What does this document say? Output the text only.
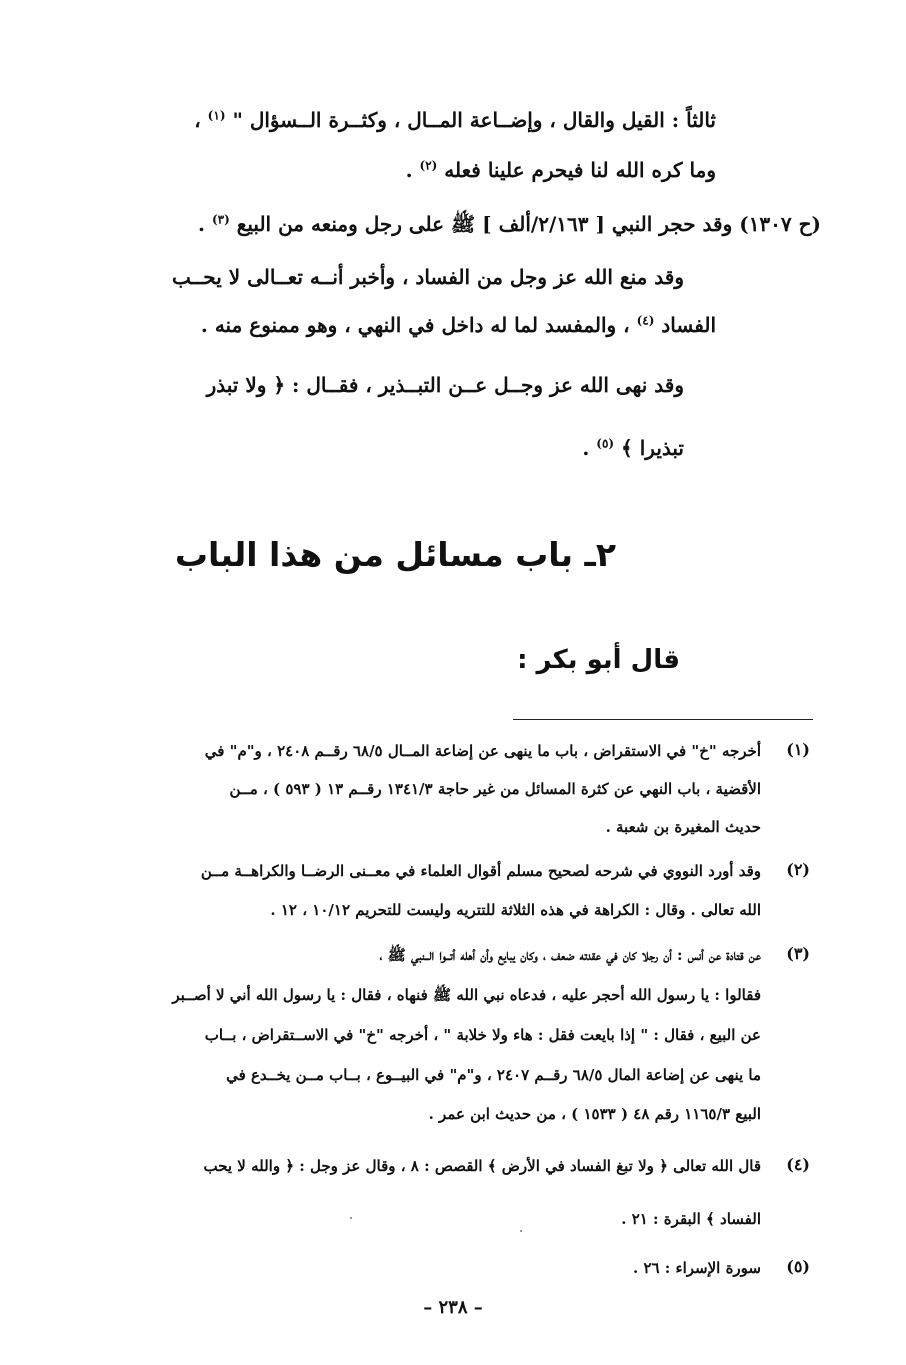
ثالثاً : القيل والقال ، وإضــاعة المــال ، وكثــرة الــسؤال " $^{(١)}$ ،
وما كره الله لنا فيحرم علينا فعله $^{(٢)}$ .
(ح ١٣٠٧) وقد حجر النبي [ ٢/١٦٣/ألف ] ﷺ على رجل ومنعه من البيع $^{(٣)}$ .
وقد منع الله عز وجل من الفساد ، وأخبر أنــه تعــالى لا يحــب
الفساد $^{(٤)}$ ، والمفسد لما له داخل في النهي ، وهو ممنوع منه .
وقد نهى الله عز وجــل عــن التبــذير ، فقــال : ﴿ ولا تبذر
تبذيرا ﴾ $^{(٥)}$ .
٢ـ باب مسائل من هذا الباب
قال أبو بكر :
(١)
أخرجه "خ" في الاستقراض ، باب ما ينهى عن إضاعة المــال ٦٨/٥ رقــم ٢٤٠٨ ، و"م" في
الأقضية ، باب النهي عن كثرة المسائل من غير حاجة ١٣٤١/٣ رقــم ١٣ ( ٥٩٣ ) ، مــن
حديث المغيرة بن شعبة .
(٢)
وقد أورد النووي في شرحه لصحيح مسلم أقوال العلماء في معــنى الرضــا والكراهــة مــن
الله تعالى . وقال : الكراهة في هذه الثلاثة للتتريه وليست للتحريم ١٠/١٢ ، ١٢ .
(٣)
عن قتادة عن أنس : أن رجلا كان في عقدته ضعف ، وكان يبايع وأن أهله أتــوا الــنبي ﷺ ،
فقالوا : يا رسول الله أحجر عليه ، فدعاه نبي الله ﷺ فنهاه ، فقال : يا رسول الله أني لا أصــبر
عن البيع ، فقال : " إذا بايعت فقل : هاء ولا خلابة " ، أخرجه "خ" في الاســتقراض ، بــاب
ما ينهى عن إضاعة المال ٦٨/٥ رقــم ٢٤٠٧ ، و"م" في البيــوع ، بــاب مــن يخــدع في
البيع ١١٦٥/٣ رقم ٤٨ ( ١٥٣٣ ) ، من حديث ابن عمر .
(٤)
قال الله تعالى ﴿ ولا تبغ الفساد في الأرض ﴾ القصص : ٨ ، وقال عز وجل : ﴿ والله لا يحب
الفساد ﴾ البقرة : ٢١ .
(٥)
سورة الإسراء : ٢٦ .
– ٢٣٨ –
